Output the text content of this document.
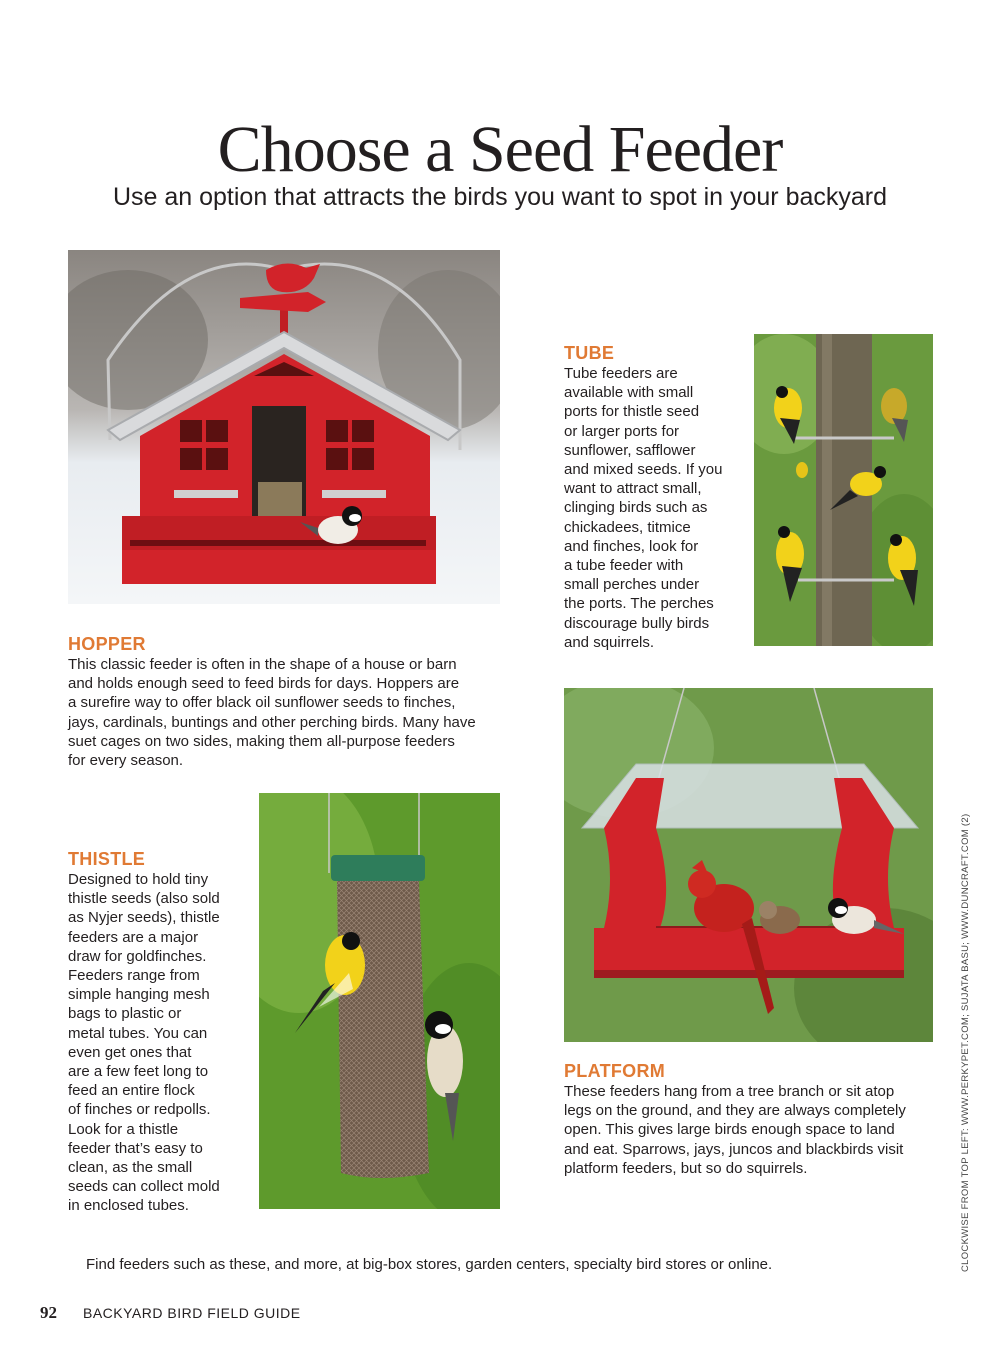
Choose a Seed Feeder
Use an option that attracts the birds you want to spot in your backyard
HOPPER
This classic feeder is often in the shape of a house or barn
and holds enough seed to feed birds for days. Hoppers are
a surefire way to offer black oil sunflower seeds to finches,
jays, cardinals, buntings and other perching birds. Many have
suet cages on two sides, making them all-purpose feeders
for every season.
TUBE
Tube feeders are
available with small
ports for thistle seed
or larger ports for
sunflower, safflower
and mixed seeds. If you
want to attract small,
clinging birds such as
chickadees, titmice
and finches, look for
a tube feeder with
small perches under
the ports. The perches
discourage bully birds
and squirrels.
THISTLE
Designed to hold tiny
thistle seeds (also sold
as Nyjer seeds), thistle
feeders are a major
draw for goldfinches.
Feeders range from
simple hanging mesh
bags to plastic or
metal tubes. You can
even get ones that
are a few feet long to
feed an entire flock
of finches or redpolls.
Look for a thistle
feeder that’s easy to
clean, as the small
seeds can collect mold
in enclosed tubes.
PLATFORM
These feeders hang from a tree branch or sit atop
legs on the ground, and they are always completely
open. This gives large birds enough space to land
and eat. Sparrows, jays, juncos and blackbirds visit
platform feeders, but so do squirrels.
Find feeders such as these, and more, at big-box stores, garden centers, specialty bird stores or online.
92 BACKYARD BIRD FIELD GUIDE
CLOCKWISE FROM TOP LEFT: WWW.PERKYPET.COM; SUJATA BASU; WWW.DUNCRAFT.COM (2)
